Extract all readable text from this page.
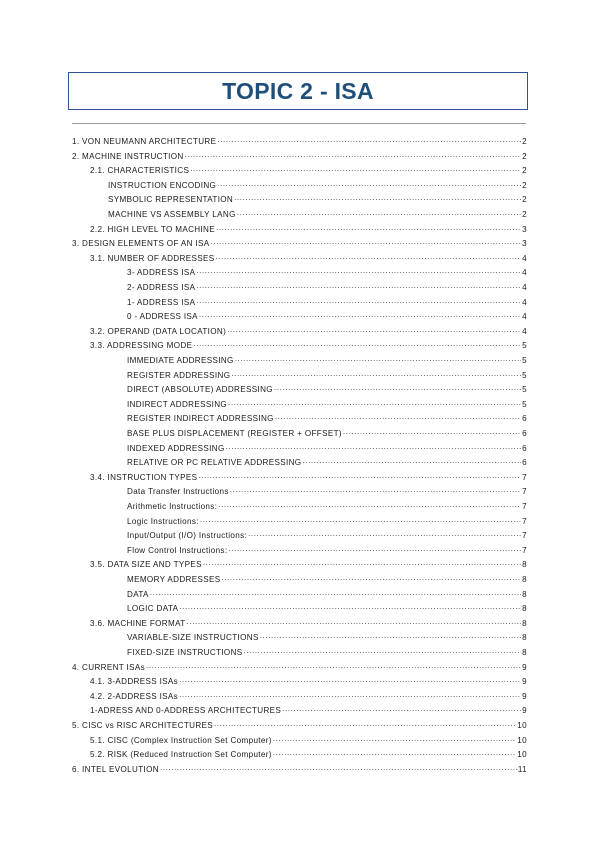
TOPIC 2 - ISA
1. VON NEUMANN ARCHITECTURE .....	2
2. MACHINE INSTRUCTION .....	2
2.1. CHARACTERISTICS .....	2
INSTRUCTION ENCODING .....	2
SYMBOLIC REPRESENTATION .....	2
MACHINE VS ASSEMBLY LANG .....	2
2.2. HIGH LEVEL TO MACHINE .....	3
3. DESIGN ELEMENTS OF AN ISA .....	3
3.1. NUMBER OF ADDRESSES .....	4
3- ADDRESS ISA .....	4
2- ADDRESS ISA .....	4
1- ADDRESS ISA .....	4
0 - ADDRESS ISA .....	4
3.2. OPERAND (DATA LOCATION) .....	4
3.3. ADDRESSING MODE .....	5
IMMEDIATE ADDRESSING .....	5
REGISTER ADDRESSING .....	5
DIRECT (ABSOLUTE) ADDRESSING .....	5
INDIRECT ADDRESSING .....	5
REGISTER INDIRECT ADDRESSING .....	6
BASE PLUS DISPLACEMENT (REGISTER + OFFSET) .....	6
INDEXED ADDRESSING .....	6
RELATIVE OR PC RELATIVE ADDRESSING .....	6
3.4. INSTRUCTION TYPES .....	7
Data Transfer Instructions .....	7
Arithmetic Instructions: .....	7
Logic Instructions: .....	7
Input/Output (I/O) Instructions: .....	7
Flow Control Instructions: .....	7
3.5. DATA SIZE AND TYPES .....	8
MEMORY ADDRESSES .....	8
DATA .....	8
LOGIC DATA .....	8
3.6. MACHINE FORMAT .....	8
VARIABLE-SIZE INSTRUCTIONS .....	8
FIXED-SIZE INSTRUCTIONS .....	8
4. CURRENT ISAs .....	9
4.1. 3-ADDRESS ISAs .....	9
4.2. 2-ADDRESS ISAs .....	9
1-ADRESS AND 0-ADDRESS ARCHITECTURES .....	9
5. CISC vs RISC ARCHITECTURES .....	10
5.1. CISC (Complex Instruction Set Computer) .....	10
5.2. RISK (Reduced Instruction Set Computer) .....	10
6. INTEL EVOLUTION .....	11
